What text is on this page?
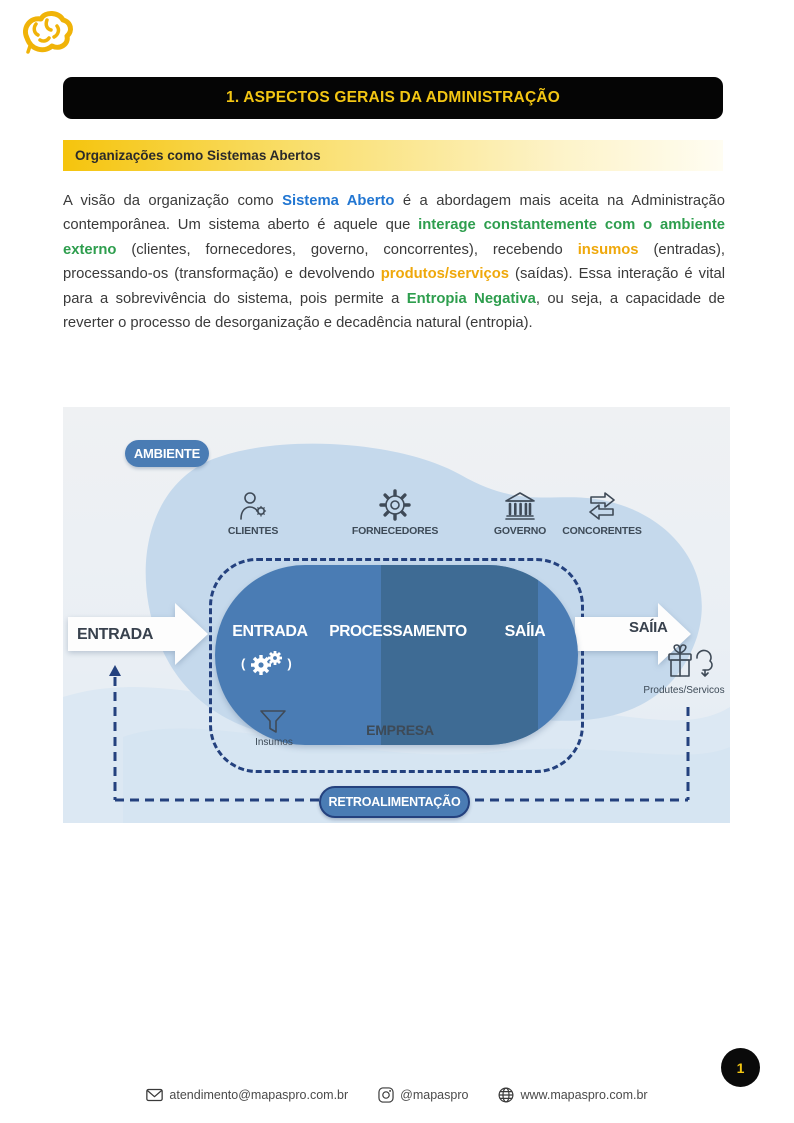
1. ASPECTOS GERAIS DA ADMINISTRAÇÃO
Organizações como Sistemas Abertos

A visão da organização como Sistema Aberto é a abordagem mais aceita na Administração contemporânea. Um sistema aberto é aquele que interage constantemente com o ambiente externo (clientes, fornecedores, governo, concorrentes), recebendo insumos (entradas), processando-os (transformação) e devolvendo produtos/serviços (saídas). Essa interação é vital para a sobrevivência do sistema, pois permite a Entropia Negativa, ou seja, a capacidade de reverter o processo de desorganização e decadência natural (entropia).

AMBIENTE
CLIENTES	FORNECEDORES	GOVERNO	CONCORENTES
ENTRADA	SAÍIA
Produtes/Servicos
ENTRADA	PROCESSAMENTO	SAÍIA
(	)
Insumos
EMPRESA
RETROALIMENTAÇÃO
atendimento@mapaspro.com.br	@mapaspro	www.mapaspro.com.br
1
